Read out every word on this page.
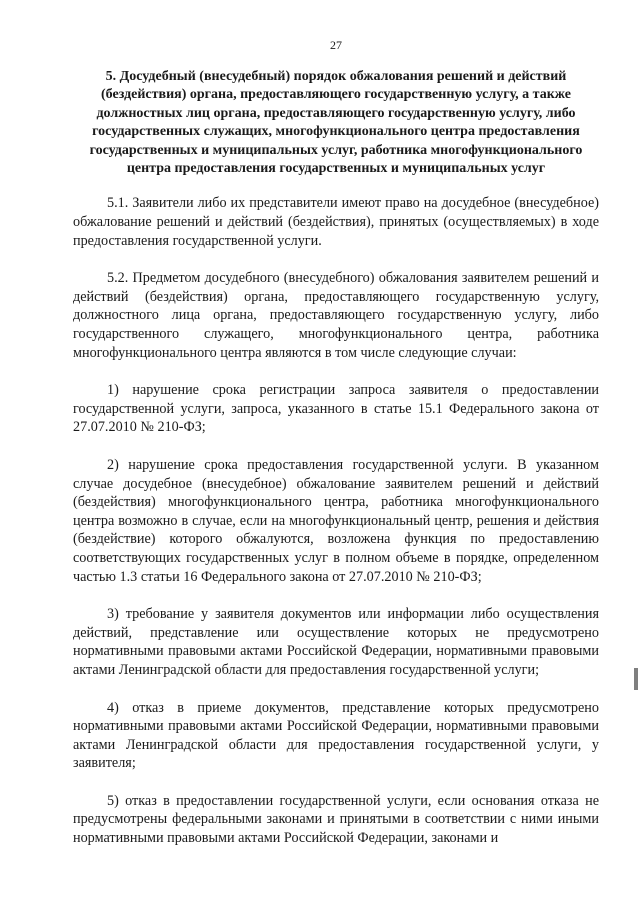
27
5. Досудебный (внесудебный) порядок обжалования решений и действий (бездействия) органа, предоставляющего государственную услугу, а также должностных лиц органа, предоставляющего государственную услугу, либо государственных служащих, многофункционального центра предоставления государственных и муниципальных услуг, работника многофункционального центра предоставления государственных и муниципальных услуг

5.1. Заявители либо их представители имеют право на досудебное (внесудебное) обжалование решений и действий (бездействия), принятых (осуществляемых) в ходе предоставления государственной услуги.

5.2. Предметом досудебного (внесудебного) обжалования заявителем решений и действий (бездействия) органа, предоставляющего государственную услугу, должностного лица органа, предоставляющего государственную услугу, либо государственного служащего, многофункционального центра, работника многофункционального центра являются в том числе следующие случаи:

1) нарушение срока регистрации запроса заявителя о предоставлении государственной услуги, запроса, указанного в статье 15.1 Федерального закона от 27.07.2010 № 210-ФЗ;

2) нарушение срока предоставления государственной услуги. В указанном случае досудебное (внесудебное) обжалование заявителем решений и действий (бездействия) многофункционального центра, работника многофункционального центра возможно в случае, если на многофункциональный центр, решения и действия (бездействие) которого обжалуются, возложена функция по предоставлению соответствующих государственных услуг в полном объеме в порядке, определенном частью 1.3 статьи 16 Федерального закона от 27.07.2010 № 210-ФЗ;

3) требование у заявителя документов или информации либо осуществления действий, представление или осуществление которых не предусмотрено нормативными правовыми актами Российской Федерации, нормативными правовыми актами Ленинградской области для предоставления государственной услуги;

4) отказ в приеме документов, представление которых предусмотрено нормативными правовыми актами Российской Федерации, нормативными правовыми актами Ленинградской области для предоставления государственной услуги, у заявителя;

5) отказ в предоставлении государственной услуги, если основания отказа не предусмотрены федеральными законами и принятыми в соответствии с ними иными нормативными правовыми актами Российской Федерации, законами и
